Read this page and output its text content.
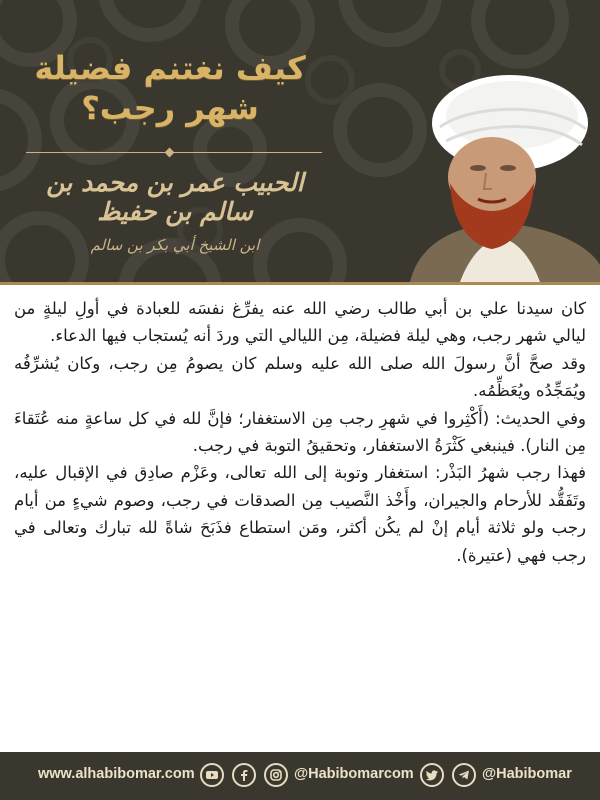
كيف نغتنم فضيلة
شهر رجب؟
الحبيب عمر بن محمد بن سالم بن حفيظ
ابن الشيخ أبي بكر بن سالم

كان سيدنا علي بن أبي طالب رضي الله عنه يفرِّغ نفسَه للعبادة في أولِ ليلةٍ من ليالي شهر رجب، وهي ليلة فضيلة، مِن الليالي التي وردَ أنه يُستجاب فيها الدعاء.

وقد صحَّ أنَّ رسولَ الله صلى الله عليه وسلم كان يصومُ مِن رجب، وكان يُشرِّفُه ويُمَجِّدُه ويُعَظِّمُه.

وفي الحديث: (أَكْثِروا في شهرِ رجب مِن الاستغفار؛ فإنَّ لله في كل ساعةٍ منه عُتَقاءَ مِن النار). فينبغي كَثْرَةُ الاستغفار، وتحقيقُ التوبة في رجب.

فهذا رجب شهرُ البَذْر: استغفار وتوبة إلى الله تعالى، وعَزْم صادِق في الإقبال عليه، وتَفَقُّد للأرحام والجيران، وأَخْذ النَّصيب مِن الصدقات في رجب، وصوم شيءٍ من أيام رجب ولو ثلاثة أيام إنْ لم يكُن أكثر، ومَن استطاع فذَبَحَ شاةً لله تبارك وتعالى في رجب فهي (عتيرة).

www.alhabibomar.com	@Habibomarcom	@Habibomar
